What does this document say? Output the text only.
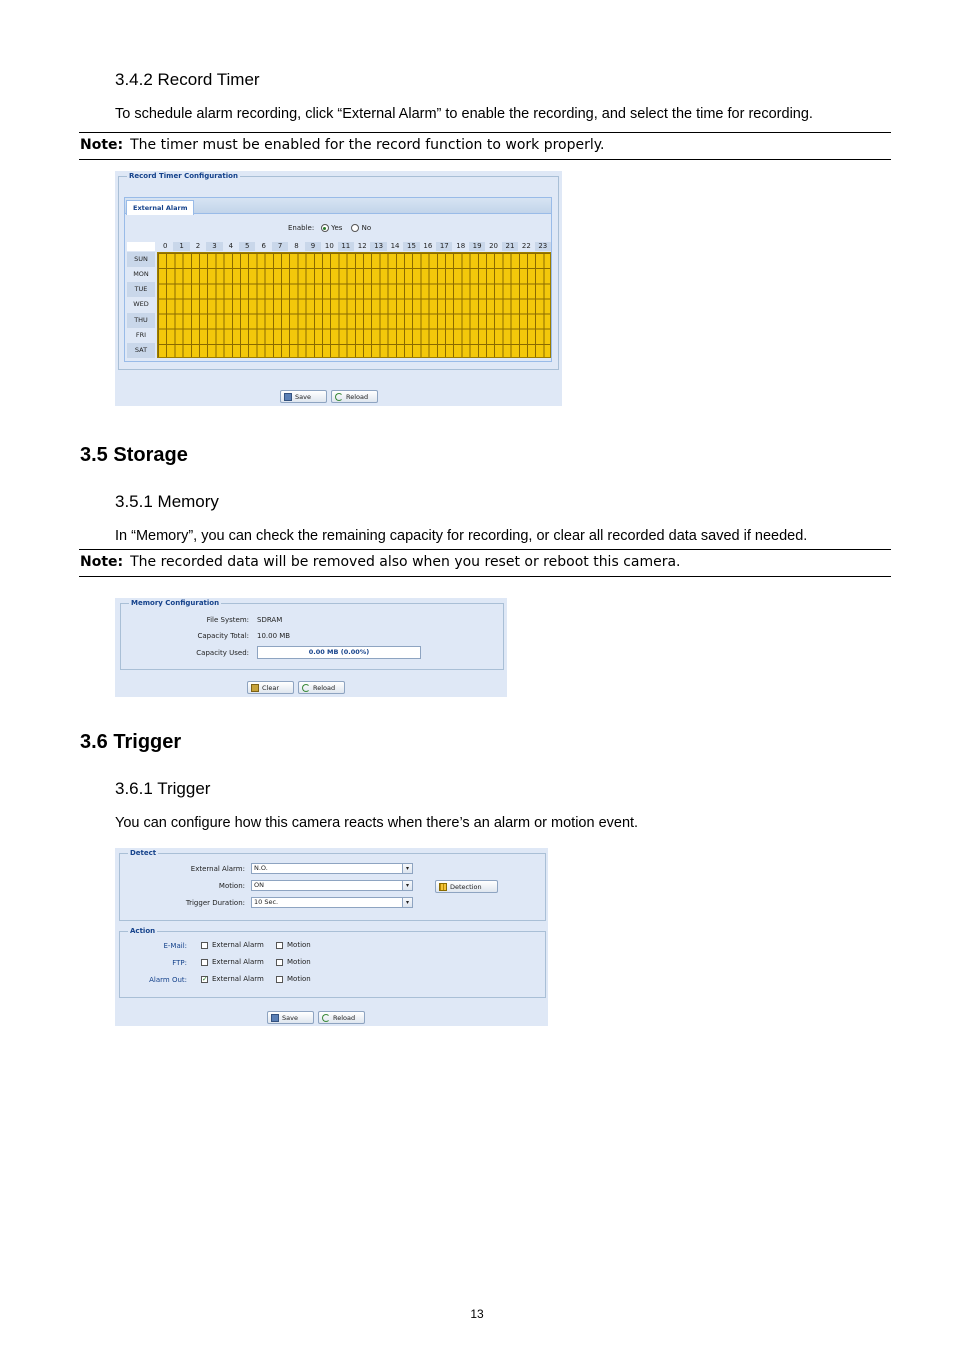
3.4.2 Record Timer
To schedule alarm recording, click “External Alarm” to enable the recording, and select the time for recording.
Note: The timer must be enabled for the record function to work properly.
Record Timer Configuration
External Alarm
Enable: Yes	No
0	1	2	3	4	5	6	7	8	9	10	11	12	13	14	15	16	17	18	19	20	21	22	23
SUN
MON
TUE
WED
THU
FRI
SAT
Save	Reload
3.5 Storage
3.5.1 Memory
In “Memory”, you can check the remaining capacity for recording, or clear all recorded data saved if needed.
Note: The recorded data will be removed also when you reset or reboot this camera.
Memory Configuration
File System: SDRAM
Capacity Total: 10.00 MB
Capacity Used:	0.00 MB (0.00%)
Clear	Reload
3.6 Trigger
3.6.1 Trigger
You can configure how this camera reacts when there’s an alarm or motion event.
Detect
External Alarm:	N.O.	▾
Motion:	ON	▾
Trigger Duration:	10 Sec.	▾
Detection
Action
E-Mail:	External Alarm	Motion
FTP:	External Alarm	Motion
Alarm Out: ✓ External Alarm	Motion
Save	Reload
13
